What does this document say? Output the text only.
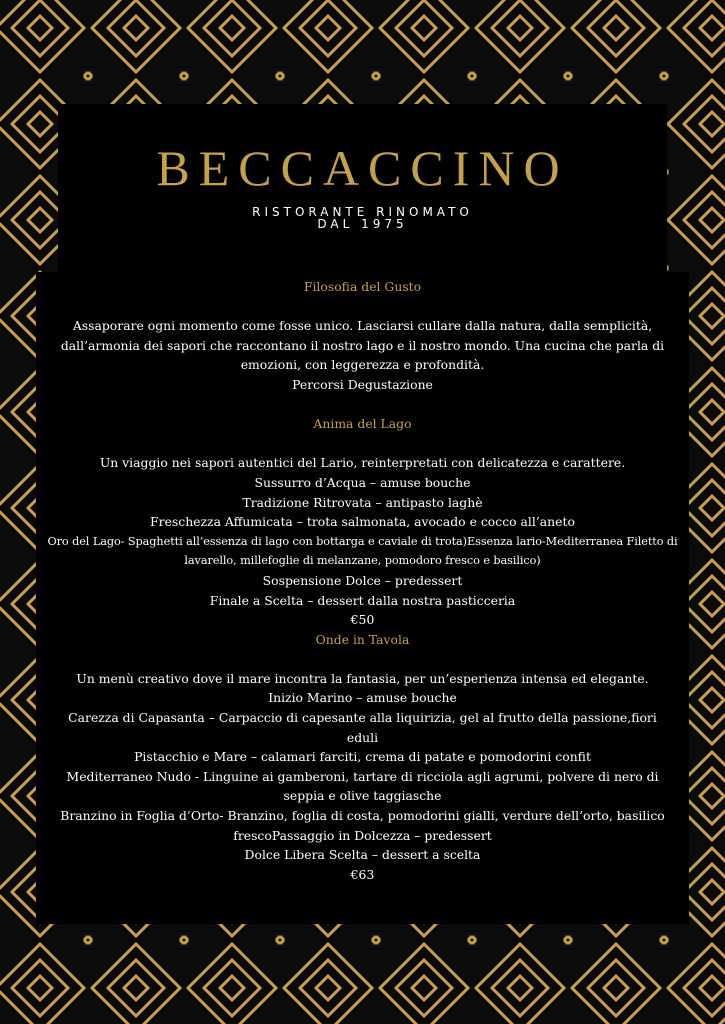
BECCACCINO
RISTORANTE RINOMATO
DAL 1975

Filosofia del Gusto

Assaporare ogni momento come fosse unico. Lasciarsi cullare dalla natura, dalla semplicità, dall’armonia dei sapori che raccontano il nostro lago e il nostro mondo. Una cucina che parla di emozioni, con leggerezza e profondità.

Percorsi Degustazione

Anima del Lago

Un viaggio nei sapori autentici del Lario, reinterpretati con delicatezza e carattere.

Sussurro d’Acqua – amuse bouche

Tradizione Ritrovata – antipasto laghè

Freschezza Affumicata – trota salmonata, avocado e cocco all’aneto

Oro del Lago- Spaghetti all’essenza di lago con bottarga e caviale di trota)Essenza lario-Mediterranea Filetto di lavarello, millefoglie di melanzane, pomodoro fresco e basilico)

Sospensione Dolce – predessert

Finale a Scelta – dessert dalla nostra pasticceria

€50

Onde in Tavola

Un menù creativo dove il mare incontra la fantasia, per un’esperienza intensa ed elegante.

Inizio Marino – amuse bouche

Carezza di Capasanta – Carpaccio di capesante alla liquirizia, gel al frutto della passione,fiori eduli

Pistacchio e Mare – calamari farciti, crema di patate e pomodorini confit

Mediterraneo Nudo - Linguine ai gamberoni, tartare di ricciola agli agrumi, polvere di nero di seppia e olive taggiasche

Branzino in Foglia d’Orto- Branzino, foglia di costa, pomodorini gialli, verdure dell’orto, basilico frescoPassaggio in Dolcezza – predessert

Dolce Libera Scelta – dessert a scelta

€63
